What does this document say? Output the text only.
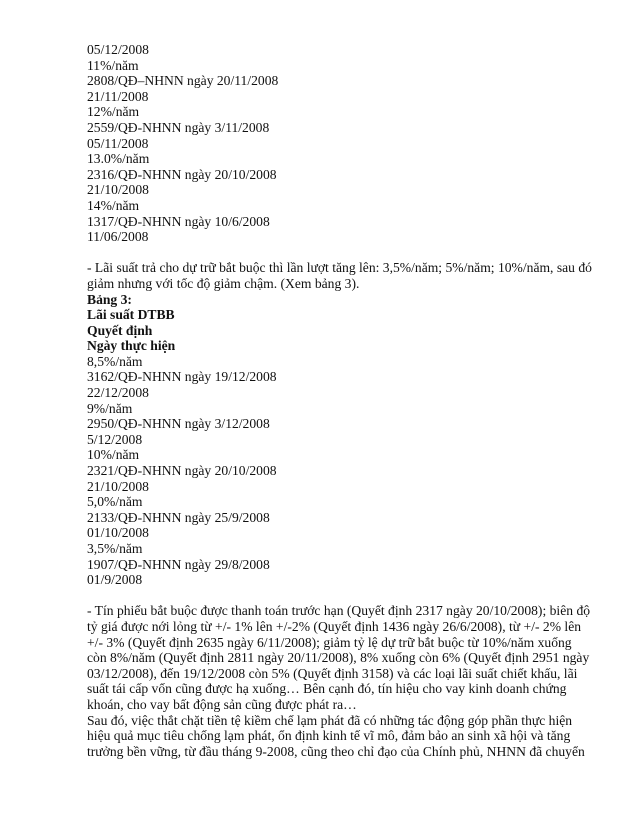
05/12/2008
11%/năm
2808/QĐ–NHNN ngày 20/11/2008
21/11/2008
12%/năm
2559/QĐ-NHNN ngày 3/11/2008
05/11/2008
13.0%/năm
2316/QĐ-NHNN ngày 20/10/2008
21/10/2008
14%/năm
1317/QĐ-NHNN ngày 10/6/2008
11/06/2008
- Lãi suất trả cho dự trữ bắt buộc thì lần lượt tăng lên: 3,5%/năm; 5%/năm; 10%/năm, sau đó
giảm nhưng với tốc độ giảm chậm. (Xem bảng 3).
Bảng 3:
Lãi suất DTBB
Quyết định
Ngày thực hiện
8,5%/năm
3162/QĐ-NHNN ngày 19/12/2008
22/12/2008
9%/năm
2950/QĐ-NHNN ngày 3/12/2008
5/12/2008
10%/năm
2321/QĐ-NHNN ngày 20/10/2008
21/10/2008
5,0%/năm
2133/QĐ-NHNN ngày 25/9/2008
01/10/2008
3,5%/năm
1907/QĐ-NHNN ngày 29/8/2008
01/9/2008
- Tín phiếu bắt buộc được thanh toán trước hạn (Quyết định 2317 ngày 20/10/2008); biên độ
tỷ giá được nới lỏng từ +/- 1% lên +/-2% (Quyết định 1436 ngày 26/6/2008), từ +/- 2% lên
+/- 3% (Quyết định 2635 ngày 6/11/2008); giảm tỷ lệ dự trữ bắt buộc từ 10%/năm xuống
còn 8%/năm (Quyết định 2811 ngày 20/11/2008), 8% xuống còn 6% (Quyết định 2951 ngày
03/12/2008), đến 19/12/2008 còn 5% (Quyết định 3158) và các loại lãi suất chiết khấu, lãi
suất tái cấp vốn cũng được hạ xuống… Bên cạnh đó, tín hiệu cho vay kinh doanh chứng
khoán, cho vay bất động sản cũng được phát ra…
Sau đó, việc thắt chặt tiền tệ kiềm chế lạm phát đã có những tác động góp phần thực hiện
hiệu quả mục tiêu chống lạm phát, ổn định kinh tế vĩ mô, đảm bảo an sinh xã hội và tăng
trưởng bền vững, từ đầu tháng 9-2008, cũng theo chỉ đạo của Chính phủ, NHNN đã chuyển
